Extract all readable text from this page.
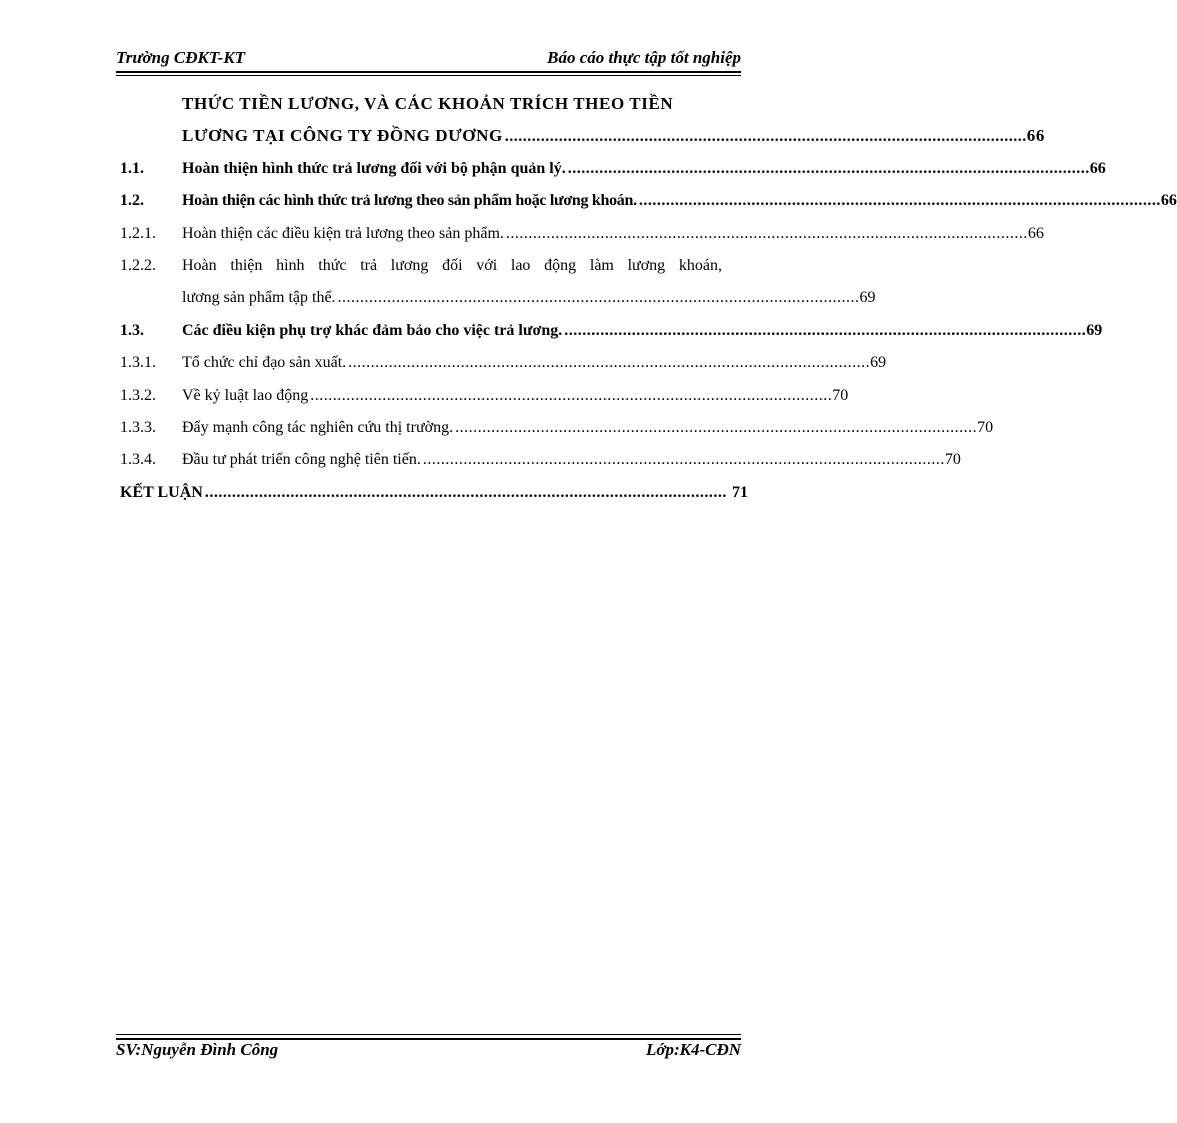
Trường CĐKT-KT	Báo cáo thực tập tốt nghiệp
THỨC TIỀN LƯƠNG, VÀ CÁC KHOẢN TRÍCH THEO TIỀN
LƯƠNG TẠI CÔNG TY ĐỒNG DƯƠNG .................................................................................................................... 66
1.1.	Hoàn thiện hình thức trả lương đối với bộ phận quản lý. .................................................................................................................... 66
1.2.	Hoàn thiện các hình thức trả lương theo sản phẩm hoặc lương khoán. .................................................................................................................... 66
1.2.1.	Hoàn thiện các điều kiện trả lương theo sản phẩm. .................................................................................................................... 66
1.2.2.	Hoàn thiện hình thức trả lương đối với lao động làm lương khoán,
lương sản phẩm tập thể. .................................................................................................................... 69
1.3.	Các điều kiện phụ trợ khác đảm bảo cho việc trả lương. .................................................................................................................... 69
1.3.1.	Tổ chức chỉ đạo sản xuất. .................................................................................................................... 69
1.3.2.	Về kỷ luật lao động .................................................................................................................... 70
1.3.3.	Đẩy mạnh công tác nghiên cứu thị trường. .................................................................................................................... 70
1.3.4.	Đầu tư phát triển công nghệ tiên tiến. .................................................................................................................... 70
KẾT LUẬN .................................................................................................................... 71
SV:Nguyễn Đình Công	Lớp:K4-CĐN
